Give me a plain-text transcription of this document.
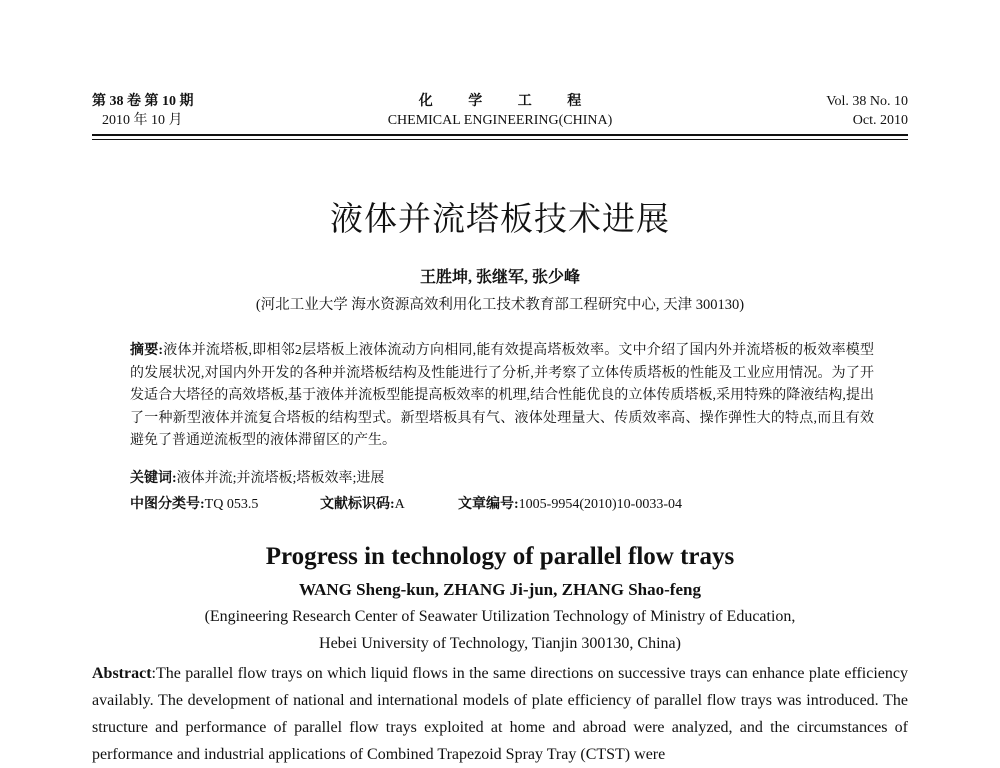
第 38 卷 第 10 期
2010 年 10 月
化 学 工 程
CHEMICAL ENGINEERING(CHINA)
Vol. 38 No. 10
Oct. 2010
液体并流塔板技术进展
王胜坤, 张继军, 张少峰
(河北工业大学 海水资源高效利用化工技术教育部工程研究中心, 天津 300130)
摘要:液体并流塔板,即相邻2层塔板上液体流动方向相同,能有效提高塔板效率。文中介绍了国内外并流塔板的板效率模型的发展状况,对国内外开发的各种并流塔板结构及性能进行了分析,并考察了立体传质塔板的性能及工业应用情况。为了开发适合大塔径的高效塔板,基于液体并流板型能提高板效率的机理,结合性能优良的立体传质塔板,采用特殊的降液结构,提出了一种新型液体并流复合塔板的结构型式。新型塔板具有气、液体处理量大、传质效率高、操作弹性大的特点,而且有效避免了普通逆流板型的液体滞留区的产生。
关键词:液体并流;并流塔板;塔板效率;进展
中图分类号:TQ 053.5	文献标识码:A	文章编号:1005-9954(2010)10-0033-04
Progress in technology of parallel flow trays
WANG Sheng-kun, ZHANG Ji-jun, ZHANG Shao-feng
(Engineering Research Center of Seawater Utilization Technology of Ministry of Education,
Hebei University of Technology, Tianjin 300130, China)
Abstract:The parallel flow trays on which liquid flows in the same directions on successive trays can enhance plate efficiency availably. The development of national and international models of plate efficiency of parallel flow trays was introduced. The structure and performance of parallel flow trays exploited at home and abroad were analyzed, and the circumstances of performance and industrial applications of Combined Trapezoid Spray Tray (CTST) were
